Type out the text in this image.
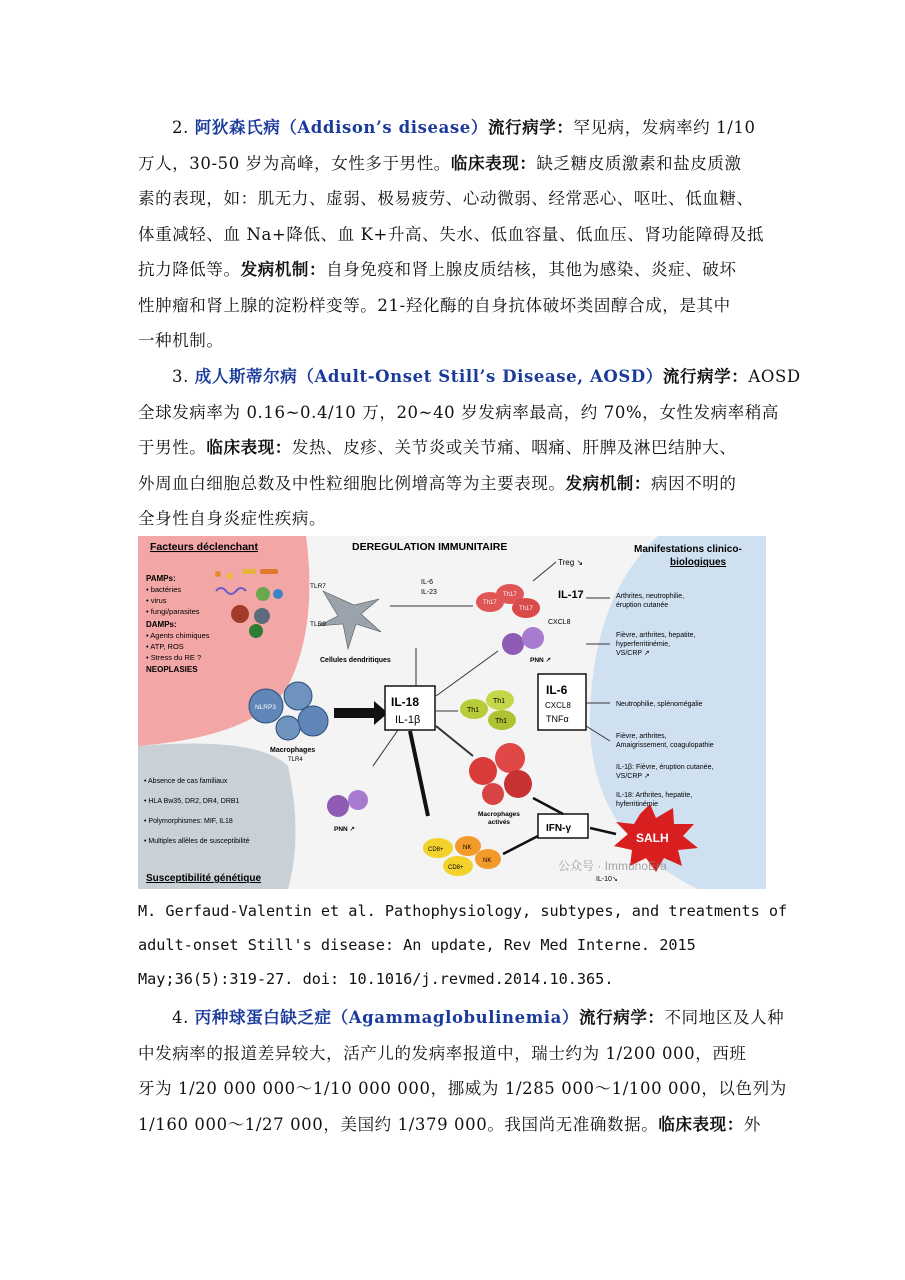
2. 阿狄森氏病（Addison’s disease）流行病学：罕见病，发病率约 1/10
万人，30-50 岁为高峰，女性多于男性。临床表现：缺乏糖皮质激素和盐皮质激
素的表现，如：肌无力、虚弱、极易疲劳、心动微弱、经常恶心、呕吐、低血糖、
体重减轻、血 Na+降低、血 K+升高、失水、低血容量、低血压、肾功能障碍及抵
抗力降低等。发病机制：自身免疫和肾上腺皮质结核，其他为感染、炎症、破坏
性肿瘤和肾上腺的淀粉样变等。21-羟化酶的自身抗体破坏类固醇合成，是其中
一种机制。
3. 成人斯蒂尔病（Adult-Onset Still’s Disease, AOSD）流行病学：AOSD
全球发病率为 0.16~0.4/10 万，20~40 岁发病率最高，约 70%，女性发病率稍高
于男性。临床表现：发热、皮疹、关节炎或关节痛、咽痛、肝脾及淋巴结肿大、
外周血白细胞总数及中性粒细胞比例增高等为主要表现。发病机制：病因不明的
全身性自身炎症性疾病。
Facteurs déclenchant
PAMPs:
• bactéries
• virus
• fungi/parasites
DAMPs:
• Agents chimiques
• ATP, ROS
• Stress du RE ?
NEOPLASIES
DEREGULATION IMMUNITAIRE
TLR7
TLR9
Cellules dendritiques
IL-6
IL-23
Th17
Th17
Th17
Treg ↘
IL-17
CXCL8
PNN ↗
NLRP3
Macrophages
TLR4
IL-18
IL-1β
Th1
Th1
Th1
IL-6
CXCL8
TNFα
Macrophages
activés
PNN ↗	IFN-γ
CD8+
CD8+
NK
NK
SALH
IL-10↘
Manifestations clinico-
biologiques
Arthrites, neutrophilie,
éruption cutanée
Fièvre, arthrites, hepatite,
hyperferritinémie,
VS/CRP ↗
Neutrophilie, splénomégalie
Fièvre, arthrites,
Amaigrissement, coagulopathie
IL-1β: Fièvre, éruption cutanée,
VS/CRP ↗
IL-18: Arthrites, hepatite,
hyferritinémie
• Absence de cas familiaux
• HLA Bw35, DR2, DR4, DRB1
• Polymorphismes: MIF, IL18
• Multiples allèles de susceptibilité
Susceptibilité génétique
公众号 · ImmunoEra
M. Gerfaud-Valentin et al. Pathophysiology, subtypes, and treatments of
adult-onset Still's disease: An update, Rev Med Interne. 2015
May;36(5):319-27. doi: 10.1016/j.revmed.2014.10.365.
4. 丙种球蛋白缺乏症（Agammaglobulinemia）流行病学：不同地区及人种
中发病率的报道差异较大，活产儿的发病率报道中，瑞士约为 1/200 000，西班
牙为 1/20 000 000～1/10 000 000，挪威为 1/285 000～1/100 000，以色列为
1/160 000～1/27 000，美国约 1/379 000。我国尚无准确数据。临床表现：外
